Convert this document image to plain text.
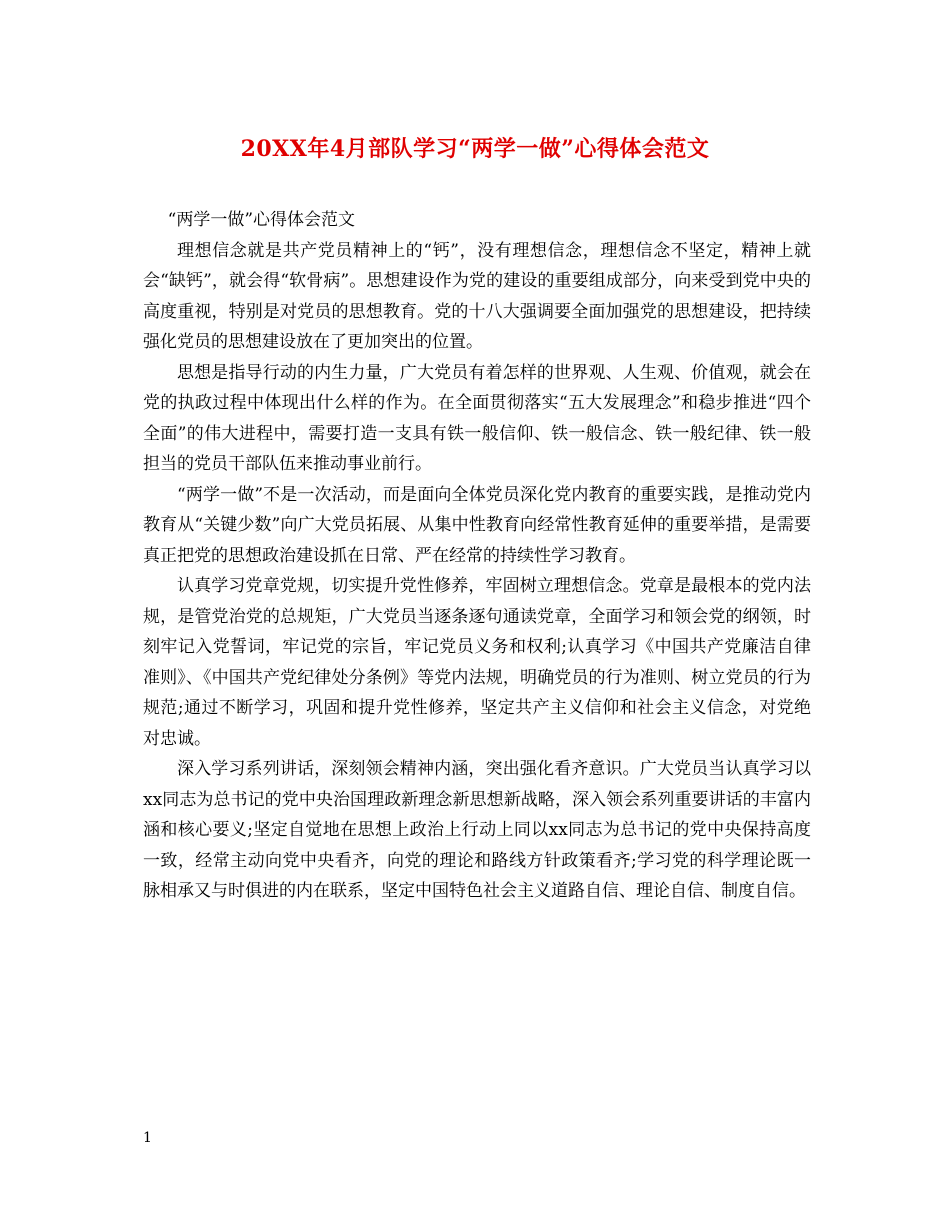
20XX年4月部队学习“两学一做”心得体会范文
“两学一做”心得体会范文

理想信念就是共产党员精神上的“钙”，没有理想信念，理想信念不坚定，精神上就会“缺钙”，就会得“软骨病”。思想建设作为党的建设的重要组成部分，向来受到党中央的高度重视，特别是对党员的思想教育。党的十八大强调要全面加强党的思想建设，把持续强化党员的思想建设放在了更加突出的位置。

思想是指导行动的内生力量，广大党员有着怎样的世界观、人生观、价值观，就会在党的执政过程中体现出什么样的作为。在全面贯彻落实“五大发展理念”和稳步推进“四个全面”的伟大进程中，需要打造一支具有铁一般信仰、铁一般信念、铁一般纪律、铁一般担当的党员干部队伍来推动事业前行。

“两学一做”不是一次活动，而是面向全体党员深化党内教育的重要实践，是推动党内教育从“关键少数”向广大党员拓展、从集中性教育向经常性教育延伸的重要举措，是需要真正把党的思想政治建设抓在日常、严在经常的持续性学习教育。

认真学习党章党规，切实提升党性修养，牢固树立理想信念。党章是最根本的党内法规，是管党治党的总规矩，广大党员当逐条逐句通读党章，全面学习和领会党的纲领，时刻牢记入党誓词，牢记党的宗旨，牢记党员义务和权利;认真学习《中国共产党廉洁自律准则》、《中国共产党纪律处分条例》等党内法规，明确党员的行为准则、树立党员的行为规范;通过不断学习，巩固和提升党性修养，坚定共产主义信仰和社会主义信念，对党绝对忠诚。

深入学习系列讲话，深刻领会精神内涵，突出强化看齐意识。广大党员当认真学习以xx同志为总书记的党中央治国理政新理念新思想新战略，深入领会系列重要讲话的丰富内涵和核心要义;坚定自觉地在思想上政治上行动上同以xx同志为总书记的党中央保持高度一致，经常主动向党中央看齐，向党的理论和路线方针政策看齐;学习党的科学理论既一脉相承又与时俱进的内在联系，坚定中国特色社会主义道路自信、理论自信、制度自信。

1
